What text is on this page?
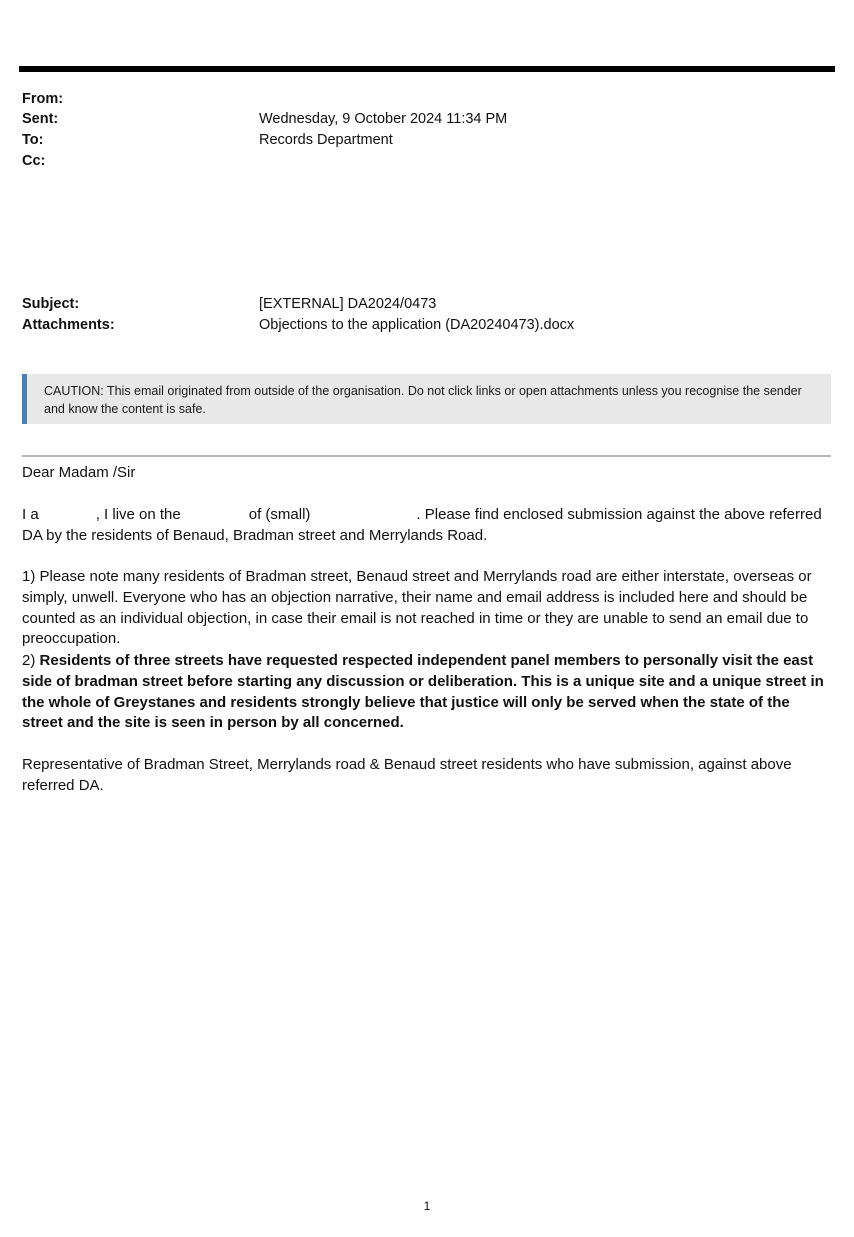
From:
Sent:	Wednesday, 9 October 2024 11:34 PM
To:	Records Department
Cc:
Subject:	[EXTERNAL] DA2024/0473
Attachments:	Objections to the application (DA20240473).docx
CAUTION: This email originated from outside of the organisation. Do not click links or open attachments unless you recognise the sender and know the content is safe.
Dear Madam /Sir
I a	, I live on the	of (small)	. Please find enclosed submission against the above referred DA by the residents of Benaud, Bradman street and Merrylands Road.
1) Please note many residents of Bradman street, Benaud street and Merrylands road are either interstate, overseas or simply, unwell. Everyone who has an objection narrative, their name and email address is included here and should be counted as an individual objection, in case their email is not reached in time or they are unable to send an email due to preoccupation.
2) Residents of three streets have requested respected independent panel members to personally visit the east side of bradman street before starting any discussion or deliberation. This is a unique site and a unique street in the whole of Greystanes and residents strongly believe that justice will only be served when the state of the street and the site is seen in person by all concerned.
Representative of Bradman Street, Merrylands road & Benaud street residents who have submission, against above referred DA.
1
